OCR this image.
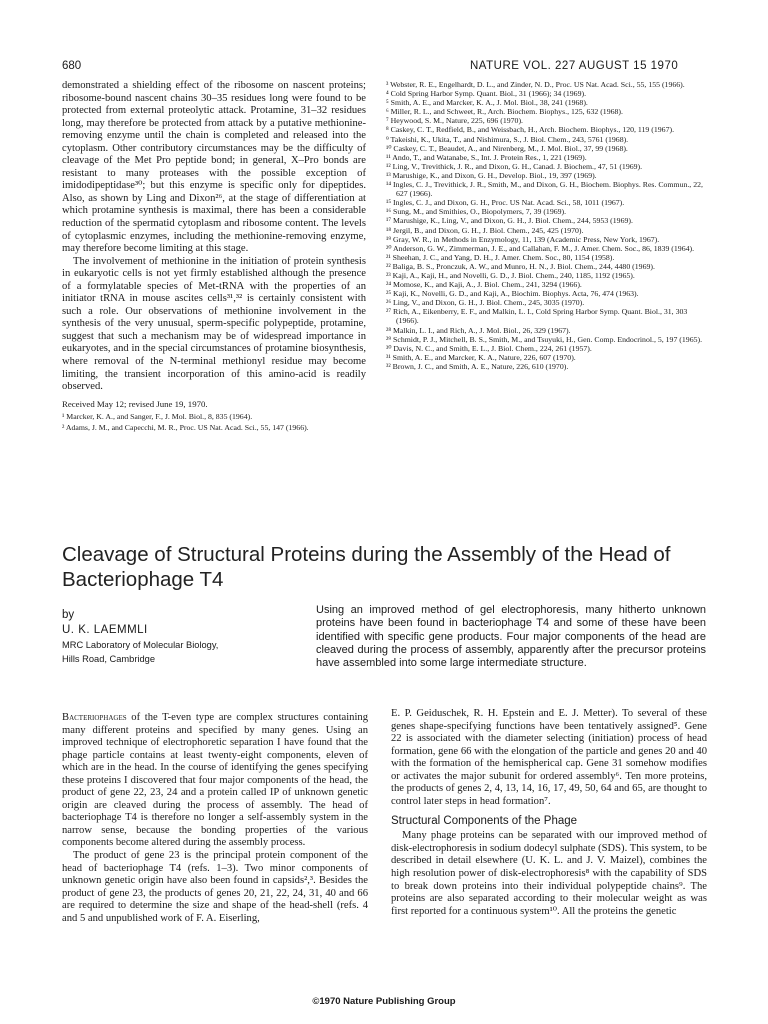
680	NATURE VOL. 227 AUGUST 15 1970

demonstrated a shielding effect of the ribosome on nascent proteins; ribosome-bound nascent chains 30–35 residues long were found to be protected from external proteolytic attack. Protamine, 31–32 residues long, may therefore be protected from attack by a putative methionine-removing enzyme until the chain is completed and released into the cytoplasm. Other contributory circumstances may be the difficulty of cleavage of the Met Pro peptide bond; in general, X–Pro bonds are resistant to many proteases with the possible exception of imidodipeptidase³⁰; but this enzyme is specific only for dipeptides. Also, as shown by Ling and Dixon²⁶, at the stage of differentiation at which protamine synthesis is maximal, there has been a considerable reduction of the spermatid cytoplasm and ribosome content. The levels of cytoplasmic enzymes, including the methionine-removing enzyme, may therefore become limiting at this stage.

The involvement of methionine in the initiation of protein synthesis in eukaryotic cells is not yet firmly established although the presence of a formylatable species of Met-tRNA with the properties of an initiator tRNA in mouse ascites cells³¹,³² is certainly consistent with such a role. Our observations of methionine involvement in the synthesis of the very unusual, sperm-specific polypeptide, protamine, suggest that such a mechanism may be of widespread importance in eukaryotes, and in the special circumstances of protamine biosynthesis, where removal of the N-terminal methionyl residue may become limiting, the transient incorporation of this amino-acid is readily observed.

Received May 12; revised June 19, 1970.

¹ Marcker, K. A., and Sanger, F., J. Mol. Biol., 8, 835 (1964).
² Adams, J. M., and Capecchi, M. R., Proc. US Nat. Acad. Sci., 55, 147 (1966).
³ Webster, R. E., Engelhardt, D. L., and Zinder, N. D., Proc. US Nat. Acad. Sci., 55, 155 (1966).
⁴ Cold Spring Harbor Symp. Quant. Biol., 31 (1966); 34 (1969).
⁵ Smith, A. E., and Marcker, K. A., J. Mol. Biol., 38, 241 (1968).
⁶ Miller, R. L., and Schweet, R., Arch. Biochem. Biophys., 125, 632 (1968).
⁷ Heywood, S. M., Nature, 225, 696 (1970).
⁸ Caskey, C. T., Redfield, B., and Weissbach, H., Arch. Biochem. Biophys., 120, 119 (1967).
⁹ Takeishi, K., Ukita, T., and Nishimura, S., J. Biol. Chem., 243, 5761 (1968).
¹⁰ Caskey, C. T., Beaudet, A., and Nirenberg, M., J. Mol. Biol., 37, 99 (1968).
¹¹ Ando, T., and Watanabe, S., Int. J. Protein Res., 1, 221 (1969).
¹² Ling, V., Trevithick, J. R., and Dixon, G. H., Canad. J. Biochem., 47, 51 (1969).
¹³ Marushige, K., and Dixon, G. H., Develop. Biol., 19, 397 (1969).
¹⁴ Ingles, C. J., Trevithick, J. R., Smith, M., and Dixon, G. H., Biochem. Biophys. Res. Commun., 22, 627 (1966).
¹⁵ Ingles, C. J., and Dixon, G. H., Proc. US Nat. Acad. Sci., 58, 1011 (1967).
¹⁶ Sung, M., and Smithies, O., Biopolymers, 7, 39 (1969).
¹⁷ Marushige, K., Ling, V., and Dixon, G. H., J. Biol. Chem., 244, 5953 (1969).
¹⁸ Jergil, B., and Dixon, G. H., J. Biol. Chem., 245, 425 (1970).
¹⁹ Gray, W. R., in Methods in Enzymology, 11, 139 (Academic Press, New York, 1967).
²⁰ Anderson, G. W., Zimmerman, J. E., and Callahan, F. M., J. Amer. Chem. Soc., 86, 1839 (1964).
²¹ Sheehan, J. C., and Yang, D. H., J. Amer. Chem. Soc., 80, 1154 (1958).
²² Baliga, B. S., Pronczuk, A. W., and Munro, H. N., J. Biol. Chem., 244, 4480 (1969).
²³ Kaji, A., Kaji, H., and Novelli, G. D., J. Biol. Chem., 240, 1185, 1192 (1965).
²⁴ Momose, K., and Kaji, A., J. Biol. Chem., 241, 3294 (1966).
²⁵ Kaji, K., Novelli, G. D., and Kaji, A., Biochim. Biophys. Acta, 76, 474 (1963).
²⁶ Ling, V., and Dixon, G. H., J. Biol. Chem., 245, 3035 (1970).
²⁷ Rich, A., Eikenberry, E. F., and Malkin, L. I., Cold Spring Harbor Symp. Quant. Biol., 31, 303 (1966).
²⁸ Malkin, L. I., and Rich, A., J. Mol. Biol., 26, 329 (1967).
²⁹ Schmidt, P. J., Mitchell, B. S., Smith, M., and Tsuyuki, H., Gen. Comp. Endocrinol., 5, 197 (1965).
³⁰ Davis, N. C., and Smith, E. L., J. Biol. Chem., 224, 261 (1957).
³¹ Smith, A. E., and Marcker, K. A., Nature, 226, 607 (1970).
³² Brown, J. C., and Smith, A. E., Nature, 226, 610 (1970).
Cleavage of Structural Proteins during the Assembly of the Head of Bacteriophage T4
by
U. K. LAEMMLI
MRC Laboratory of Molecular Biology,
Hills Road, Cambridge
Using an improved method of gel electrophoresis, many hitherto unknown proteins have been found in bacteriophage T4 and some of these have been identified with specific gene products. Four major components of the head are cleaved during the process of assembly, apparently after the precursor proteins have assembled into some large intermediate structure.

Bacteriophages of the T-even type are complex structures containing many different proteins and specified by many genes. Using an improved technique of electrophoretic separation I have found that the phage particle contains at least twenty-eight components, eleven of which are in the head. In the course of identifying the genes specifying these proteins I discovered that four major components of the head, the product of gene 22, 23, 24 and a protein called IP of unknown genetic origin are cleaved during the process of assembly. The head of bacteriophage T4 is therefore no longer a self-assembly system in the narrow sense, because the bonding properties of the various components become altered during the assembly process.

The product of gene 23 is the principal protein component of the head of bacteriophage T4 (refs. 1–3). Two minor components of unknown genetic origin have also been found in capsids²,³. Besides the product of gene 23, the products of genes 20, 21, 22, 24, 31, 40 and 66 are required to determine the size and shape of the head-shell (refs. 4 and 5 and unpublished work of F. A. Eiserling,

E. P. Geiduschek, R. H. Epstein and E. J. Metter). To several of these genes shape-specifying functions have been tentatively assigned⁵. Gene 22 is associated with the diameter selecting (initiation) process of head formation, gene 66 with the elongation of the particle and genes 20 and 40 with the formation of the hemispherical cap. Gene 31 somehow modifies or activates the major subunit for ordered assembly⁶. Ten more proteins, the products of genes 2, 4, 13, 14, 16, 17, 49, 50, 64 and 65, are thought to control later steps in head formation⁷.

Structural Components of the Phage

Many phage proteins can be separated with our improved method of disk-electrophoresis in sodium dodecyl sulphate (SDS). This system, to be described in detail elsewhere (U. K. L. and J. V. Maizel), combines the high resolution power of disk-electrophoresis⁸ with the capability of SDS to break down proteins into their individual polypeptide chains⁹. The proteins are also separated according to their molecular weight as was first reported for a continuous system¹⁰. All the proteins the genetic

©1970 Nature Publishing Group
